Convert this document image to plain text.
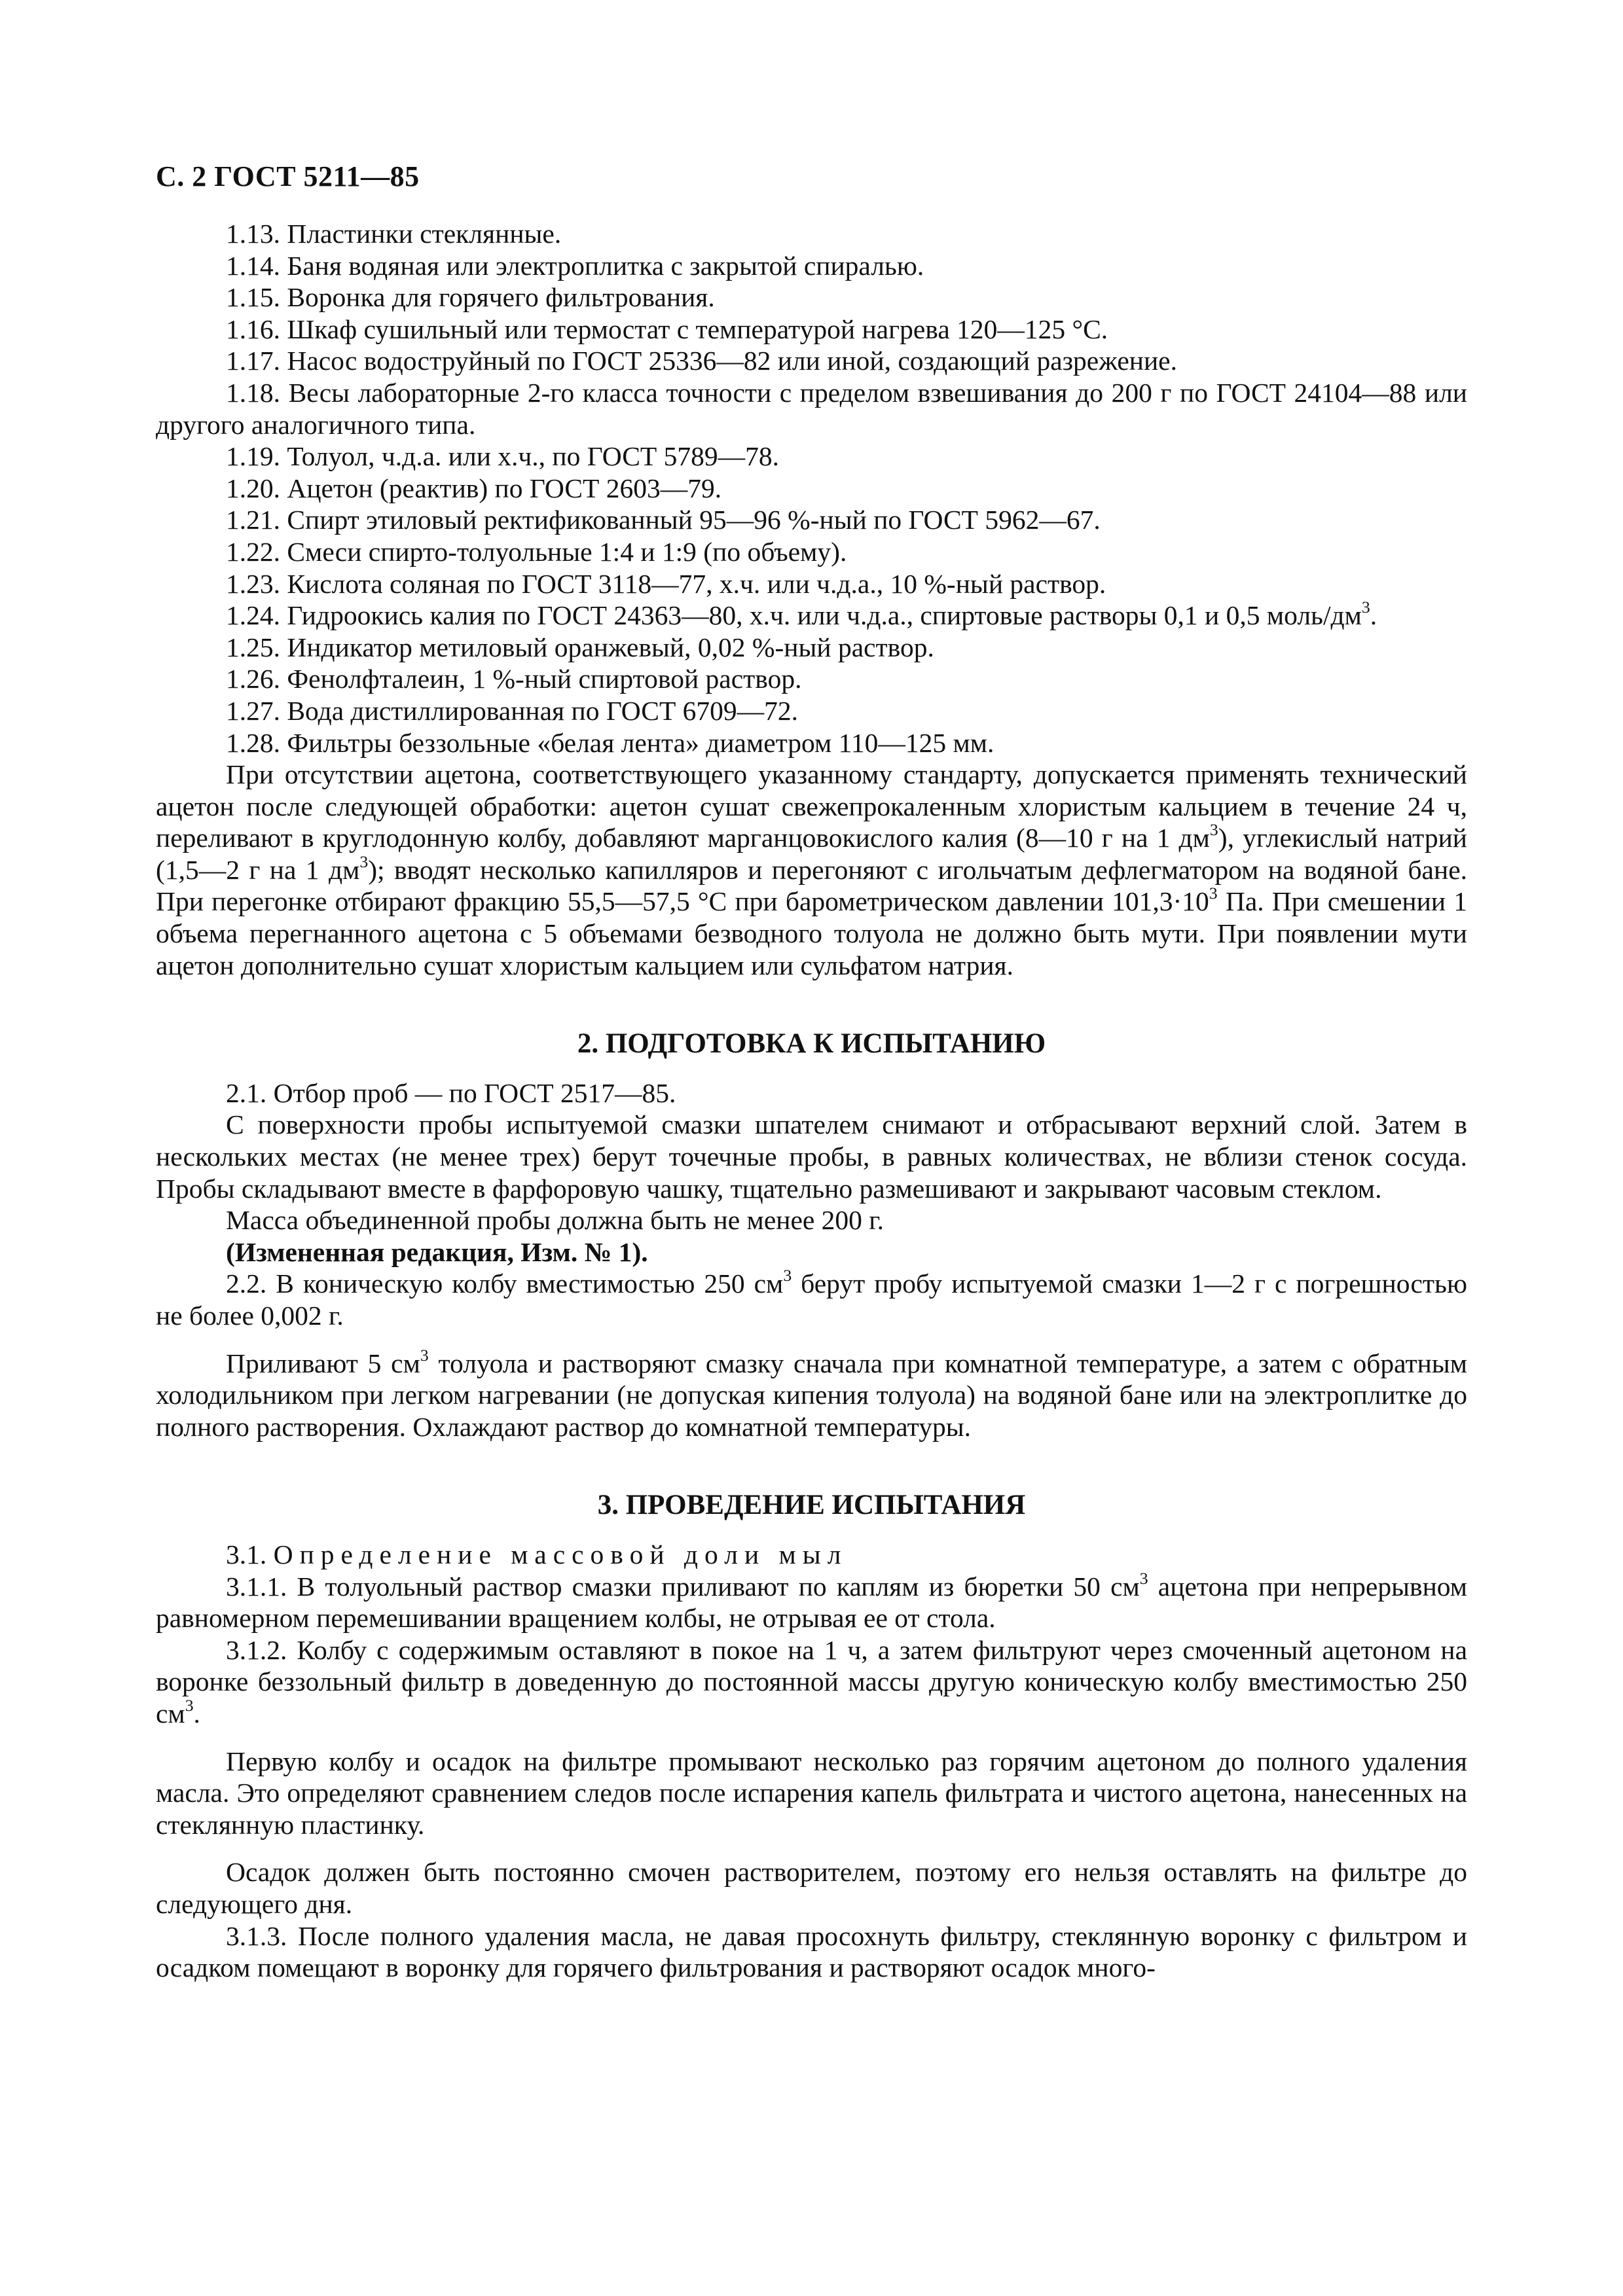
С. 2 ГОСТ 5211—85

1.13. Пластинки стеклянные.

1.14. Баня водяная или электроплитка с закрытой спиралью.

1.15. Воронка для горячего фильтрования.

1.16. Шкаф сушильный или термостат с температурой нагрева 120—125 °С.

1.17. Насос водоструйный по ГОСТ 25336—82 или иной, создающий разрежение.

1.18. Весы лабораторные 2-го класса точности с пределом взвешивания до 200 г по ГОСТ 24104—88 или другого аналогичного типа.

1.19. Толуол, ч.д.а. или х.ч., по ГОСТ 5789—78.

1.20. Ацетон (реактив) по ГОСТ 2603—79.

1.21. Спирт этиловый ректификованный 95—96 %-ный по ГОСТ 5962—67.

1.22. Смеси спирто-толуольные 1:4 и 1:9 (по объему).

1.23. Кислота соляная по ГОСТ 3118—77, х.ч. или ч.д.а., 10 %-ный раствор.

1.24. Гидроокись калия по ГОСТ 24363—80, х.ч. или ч.д.а., спиртовые растворы 0,1 и 0,5 моль/$дм^3$.

1.25. Индикатор метиловый оранжевый, 0,02 %-ный раствор.

1.26. Фенолфталеин, 1 %-ный спиртовой раствор.

1.27. Вода дистиллированная по ГОСТ 6709—72.

1.28. Фильтры беззольные «белая лента» диаметром 110—125 мм.

При отсутствии ацетона, соответствующего указанному стандарту, допускается применять технический ацетон после следующей обработки: ацетон сушат свежепрокаленным хлористым кальцием в течение 24 ч, переливают в круглодонную колбу, добавляют марганцовокислого калия (8—10 г на 1 $дм^3$), углекислый натрий (1,5—2 г на 1 $дм^3$); вводят несколько капилляров и перегоняют с игольчатым дефлегматором на водяной бане. При перегонке отбирают фракцию 55,5—57,5 °С при барометрическом давлении $101,3\cdot 10^3$ Па. При смешении 1 объема перегнанного ацетона с 5 объемами безводного толуола не должно быть мути. При появлении мути ацетон дополнительно сушат хлористым кальцием или сульфатом натрия.

2. ПОДГОТОВКА К ИСПЫТАНИЮ

2.1. Отбор проб — по ГОСТ 2517—85.

С поверхности пробы испытуемой смазки шпателем снимают и отбрасывают верхний слой. Затем в нескольких местах (не менее трех) берут точечные пробы, в равных количествах, не вблизи стенок сосуда. Пробы складывают вместе в фарфоровую чашку, тщательно размешивают и закрывают часовым стеклом.

Масса объединенной пробы должна быть не менее 200 г.

(Измененная редакция, Изм. № 1).

2.2. В коническую колбу вместимостью 250 $см^3$ берут пробу испытуемой смазки 1—2 г с погрешностью не более 0,002 г.

Приливают 5 $см^3$ толуола и растворяют смазку сначала при комнатной температуре, а затем с обратным холодильником при легком нагревании (не допуская кипения толуола) на водяной бане или на электроплитке до полного растворения. Охлаждают раствор до комнатной температуры.

3. ПРОВЕДЕНИЕ ИСПЫТАНИЯ

3.1. Определение массовой доли мыл

3.1.1. В толуольный раствор смазки приливают по каплям из бюретки 50 $см^3$ ацетона при непрерывном равномерном перемешивании вращением колбы, не отрывая ее от стола.

3.1.2. Колбу с содержимым оставляют в покое на 1 ч, а затем фильтруют через смоченный ацетоном на воронке беззольный фильтр в доведенную до постоянной массы другую коническую колбу вместимостью 250 $см^3$.

Первую колбу и осадок на фильтре промывают несколько раз горячим ацетоном до полного удаления масла. Это определяют сравнением следов после испарения капель фильтрата и чистого ацетона, нанесенных на стеклянную пластинку.

Осадок должен быть постоянно смочен растворителем, поэтому его нельзя оставлять на фильтре до следующего дня.

3.1.3. После полного удаления масла, не давая просохнуть фильтру, стеклянную воронку с фильтром и осадком помещают в воронку для горячего фильтрования и растворяют осадок много-
